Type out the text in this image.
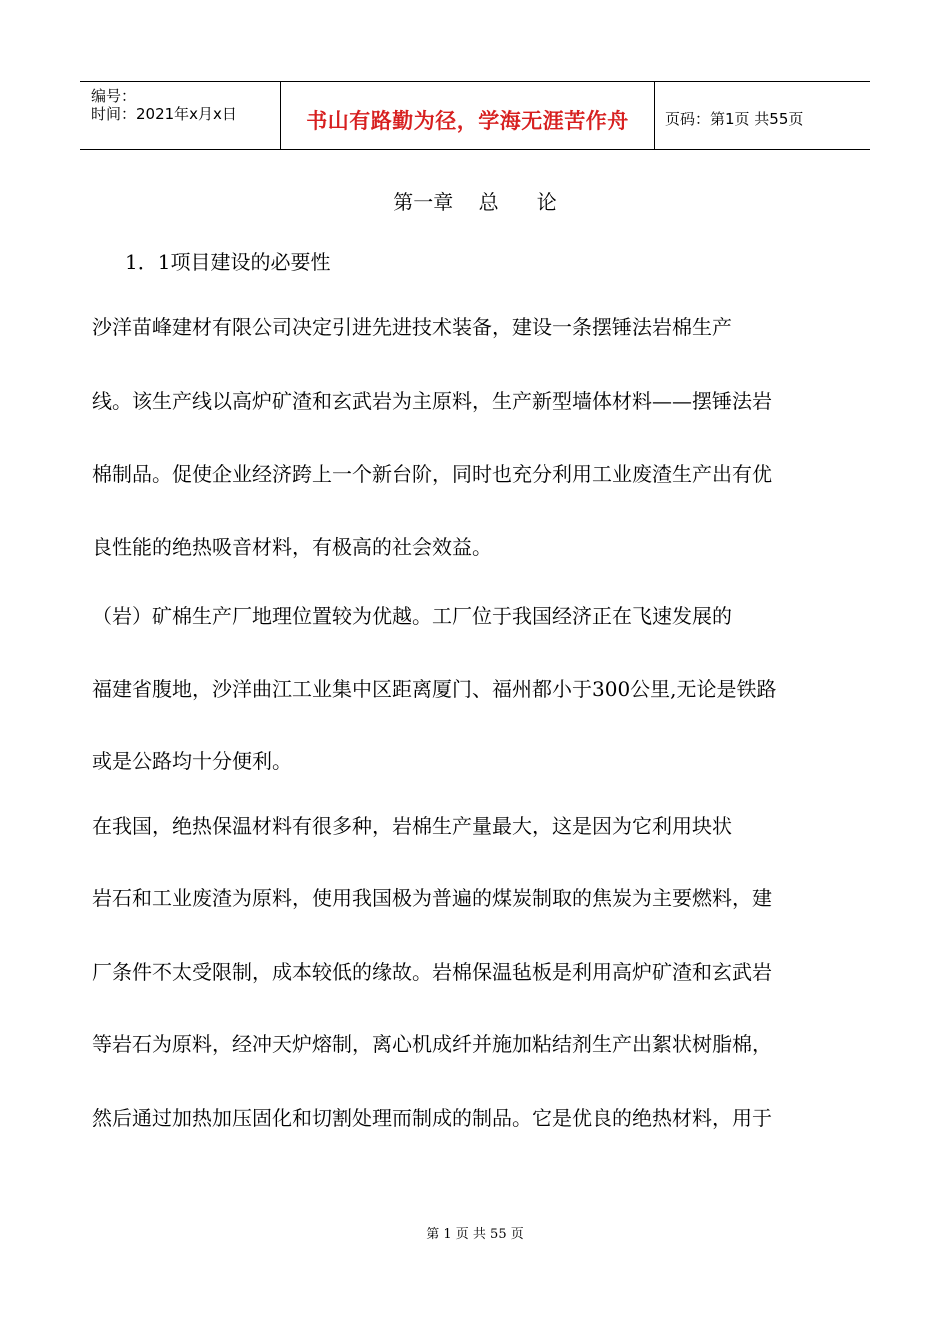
编号：
时间：2021年x月x日	书山有路勤为径，学海无涯苦作舟	页码：第1页 共55页
第一章    总      论
1．1项目建设的必要性
沙洋苗峰建材有限公司决定引进先进技术装备，建设一条摆锤法岩棉生产
线。该生产线以高炉矿渣和玄武岩为主原料，生产新型墙体材料——摆锤法岩
棉制品。促使企业经济跨上一个新台阶，同时也充分利用工业废渣生产出有优
良性能的绝热吸音材料，有极高的社会效益。
（岩）矿棉生产厂地理位置较为优越。工厂位于我国经济正在飞速发展的
福建省腹地，沙洋曲江工业集中区距离厦门、福州都小于300公里,无论是铁路
或是公路均十分便利。
在我国，绝热保温材料有很多种，岩棉生产量最大，这是因为它利用块状
岩石和工业废渣为原料，使用我国极为普遍的煤炭制取的焦炭为主要燃料，建
厂条件不太受限制，成本较低的缘故。岩棉保温毡板是利用高炉矿渣和玄武岩
等岩石为原料，经冲天炉熔制，离心机成纤并施加粘结剂生产出絮状树脂棉，
然后通过加热加压固化和切割处理而制成的制品。它是优良的绝热材料，用于
第 1 页 共 55 页
